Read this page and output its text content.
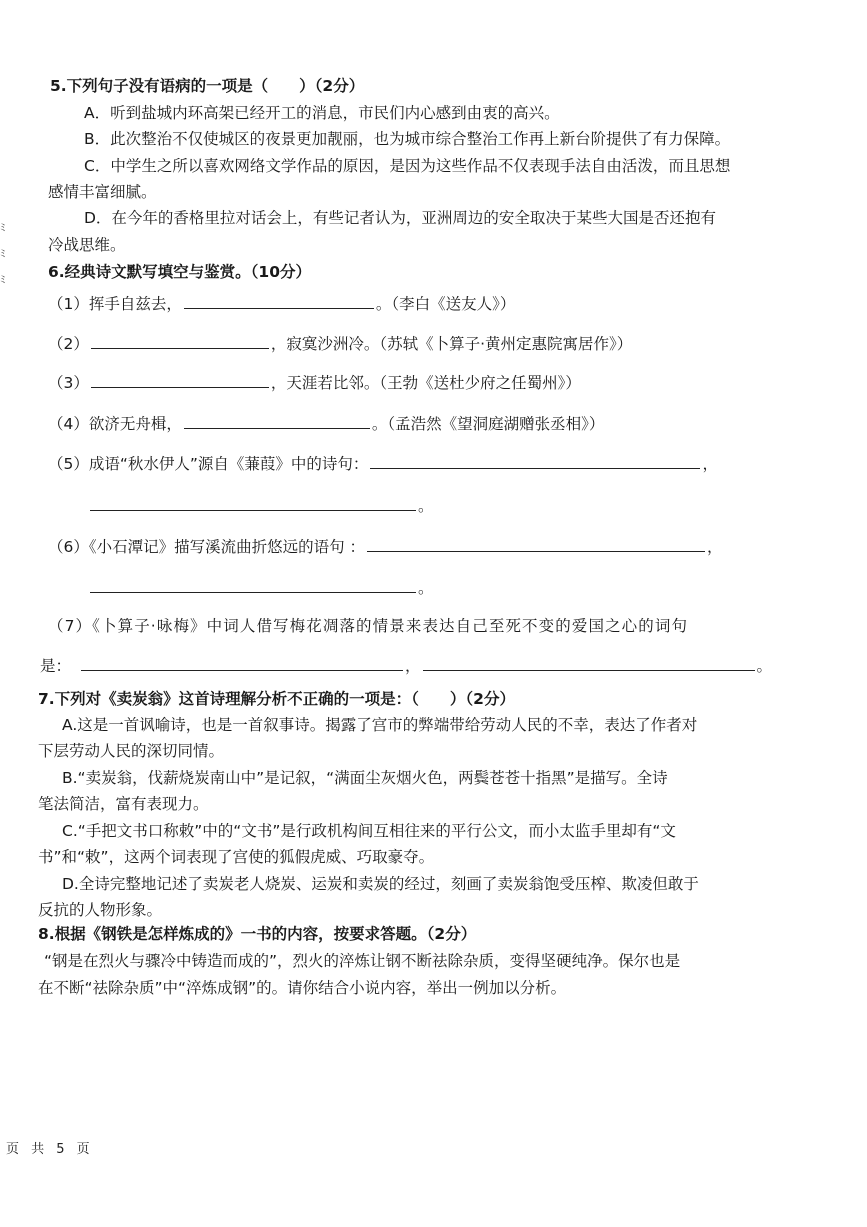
ﾐ
ﾐ
ﾐ
5.下列句子没有语病的一项是（　　）（2分）
A．听到盐城内环高架已经开工的消息，市民们内心感到由衷的高兴。
B．此次整治不仅使城区的夜景更加靓丽，也为城市综合整治工作再上新台阶提供了有力保障。
C．中学生之所以喜欢网络文学作品的原因，是因为这些作品不仅表现手法自由活泼，而且思想
感情丰富细腻。
D．在今年的香格里拉对话会上，有些记者认为，亚洲周边的安全取决于某些大国是否还抱有
冷战思维。
6.经典诗文默写填空与鉴赏。（10分）
（1）挥手自兹去，	。（李白《送友人》）
（2）	，寂寞沙洲冷。（苏轼《卜算子·黄州定惠院寓居作》）
（3）	，天涯若比邻。（王勃《送杜少府之任蜀州》）
（4）欲济无舟楫，	。（孟浩然《望洞庭湖赠张丞相》）
（5）成语“秋水伊人”源自《蒹葭》中的诗句：	，
。
（6）《小石潭记》描写溪流曲折悠远的语句 ：	，
。
（7）《卜算子·咏梅》中词人借写梅花凋落的情景来表达自己至死不变的爱国之心的词句
是：	，	。
7.下列对《卖炭翁》这首诗理解分析不正确的一项是：（　　）（2分）
A.这是一首讽喻诗，也是一首叙事诗。揭露了宫市的弊端带给劳动人民的不幸，表达了作者对
下层劳动人民的深切同情。
B.“卖炭翁，伐薪烧炭南山中”是记叙，“满面尘灰烟火色，两鬓苍苍十指黑”是描写。全诗
笔法简洁，富有表现力。
C.“手把文书口称敕”中的“文书”是行政机构间互相往来的平行公文，而小太监手里却有“文
书”和“敕”，这两个词表现了宫使的狐假虎威、巧取豪夺。
D.全诗完整地记述了卖炭老人烧炭、运炭和卖炭的经过，刻画了卖炭翁饱受压榨、欺凌但敢于
反抗的人物形象。
8.根据《钢铁是怎样炼成的》一书的内容，按要求答题。（2分）
“钢是在烈火与骤冷中铸造而成的”，烈火的淬炼让钢不断祛除杂质，变得坚硬纯净。保尔也是
在不断“祛除杂质”中“淬炼成钢”的。请你结合小说内容，举出一例加以分析。
页 共 5 页
